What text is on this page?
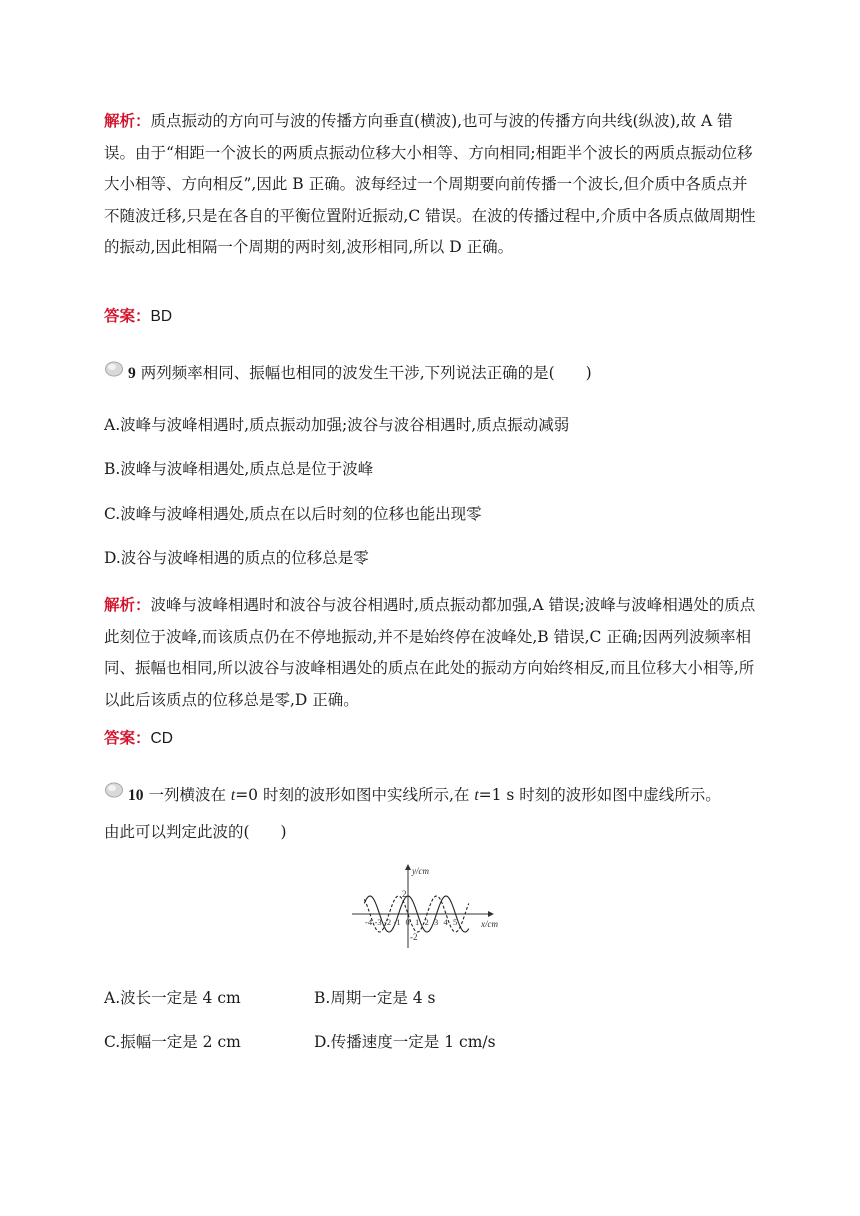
解析：质点振动的方向可与波的传播方向垂直(横波),也可与波的传播方向共线(纵波),故 A 错误。由于“相距一个波长的两质点振动位移大小相等、方向相同;相距半个波长的两质点振动位移大小相等、方向相反”,因此 B 正确。波每经过一个周期要向前传播一个波长,但介质中各质点并不随波迁移,只是在各自的平衡位置附近振动,C 错误。在波的传播过程中,介质中各质点做周期性的振动,因此相隔一个周期的两时刻,波形相同,所以 D 正确。
答案：BD
9 两列频率相同、振幅也相同的波发生干涉,下列说法正确的是(　　)
A.波峰与波峰相遇时,质点振动加强;波谷与波谷相遇时,质点振动减弱
B.波峰与波峰相遇处,质点总是位于波峰
C.波峰与波峰相遇处,质点在以后时刻的位移也能出现零
D.波谷与波峰相遇的质点的位移总是零
解析：波峰与波峰相遇时和波谷与波谷相遇时,质点振动都加强,A 错误;波峰与波峰相遇处的质点此刻位于波峰,而该质点仍在不停地振动,并不是始终停在波峰处,B 错误,C 正确;因两列波频率相同、振幅也相同,所以波谷与波峰相遇处的质点在此处的振动方向始终相反,而且位移大小相等,所以此后该质点的位移总是零,D 正确。
答案：CD
10 一列横波在 t=0 时刻的波形如图中实线所示,在 t=1 s 时刻的波形如图中虚线所示。
由此可以判定此波的(　　)
y/cm
x/cm
2
-2
-4 -3 -2 -1 0 1 2 3 4 5
A.波长一定是 4 cm	B.周期一定是 4 s
C.振幅一定是 2 cm	D.传播速度一定是 1 cm/s
